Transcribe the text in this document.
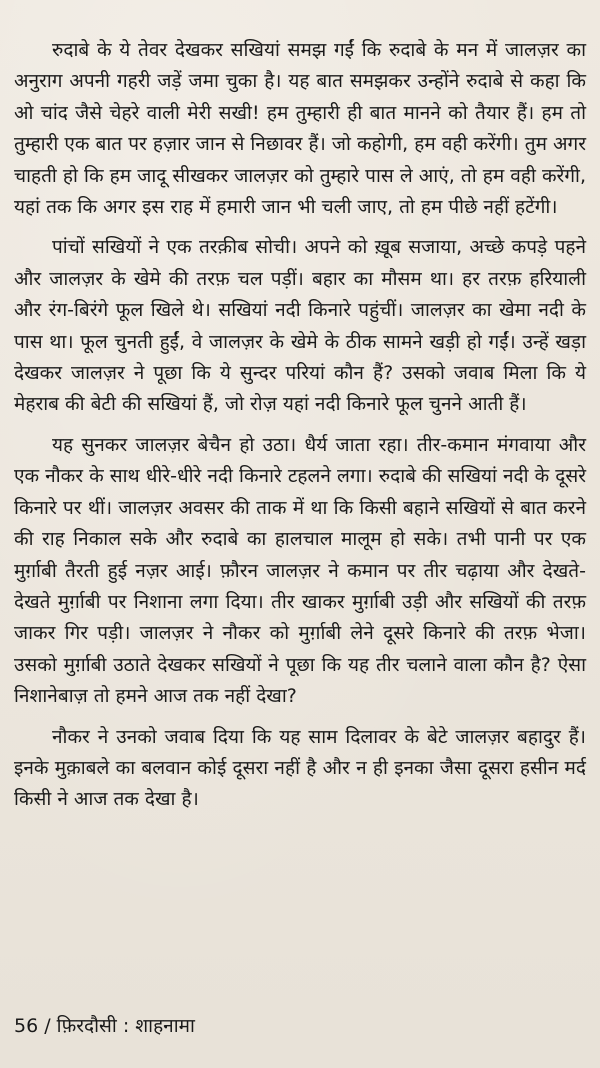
रुदाबे के ये तेवर देखकर सखियां समझ गईं कि रुदाबे के मन में जालज़र का अनुराग अपनी गहरी जड़ें जमा चुका है। यह बात समझकर उन्होंने रुदाबे से कहा कि ओ चांद जैसे चेहरे वाली मेरी सखी! हम तुम्हारी ही बात मानने को तैयार हैं। हम तो तुम्हारी एक बात पर हज़ार जान से निछावर हैं। जो कहोगी, हम वही करेंगी। तुम अगर चाहती हो कि हम जादू सीखकर जालज़र को तुम्हारे पास ले आएं, तो हम वही करेंगी, यहां तक कि अगर इस राह में हमारी जान भी चली जाए, तो हम पीछे नहीं हटेंगी।

पांचों सखियों ने एक तरक़ीब सोची। अपने को ख़ूब सजाया, अच्छे कपड़े पहने और जालज़र के खेमे की तरफ़ चल पड़ीं। बहार का मौसम था। हर तरफ़ हरियाली और रंग-बिरंगे फूल खिले थे। सखियां नदी किनारे पहुंचीं। जालज़र का खेमा नदी के पास था। फूल चुनती हुईं, वे जालज़र के खेमे के ठीक सामने खड़ी हो गईं। उन्हें खड़ा देखकर जालज़र ने पूछा कि ये सुन्दर परियां कौन हैं? उसको जवाब मिला कि ये मेहराब की बेटी की सखियां हैं, जो रोज़ यहां नदी किनारे फूल चुनने आती हैं।

यह सुनकर जालज़र बेचैन हो उठा। धैर्य जाता रहा। तीर-कमान मंगवाया और एक नौकर के साथ धीरे-धीरे नदी किनारे टहलने लगा। रुदाबे की सखियां नदी के दूसरे किनारे पर थीं। जालज़र अवसर की ताक में था कि किसी बहाने सखियों से बात करने की राह निकाल सके और रुदाबे का हालचाल मालूम हो सके। तभी पानी पर एक मुर्ग़ाबी तैरती हुई नज़र आई। फ़ौरन जालज़र ने कमान पर तीर चढ़ाया और देखते-देखते मुर्ग़ाबी पर निशाना लगा दिया। तीर खाकर मुर्ग़ाबी उड़ी और सखियों की तरफ़ जाकर गिर पड़ी। जालज़र ने नौकर को मुर्ग़ाबी लेने दूसरे किनारे की तरफ़ भेजा। उसको मुर्ग़ाबी उठाते देखकर सखियों ने पूछा कि यह तीर चलाने वाला कौन है? ऐसा निशानेबाज़ तो हमने आज तक नहीं देखा?

नौकर ने उनको जवाब दिया कि यह साम दिलावर के बेटे जालज़र बहादुर हैं। इनके मुक़ाबले का बलवान कोई दूसरा नहीं है और न ही इनका जैसा दूसरा हसीन मर्द किसी ने आज तक देखा है।

56 / फ़िरदौसी : शाहनामा
